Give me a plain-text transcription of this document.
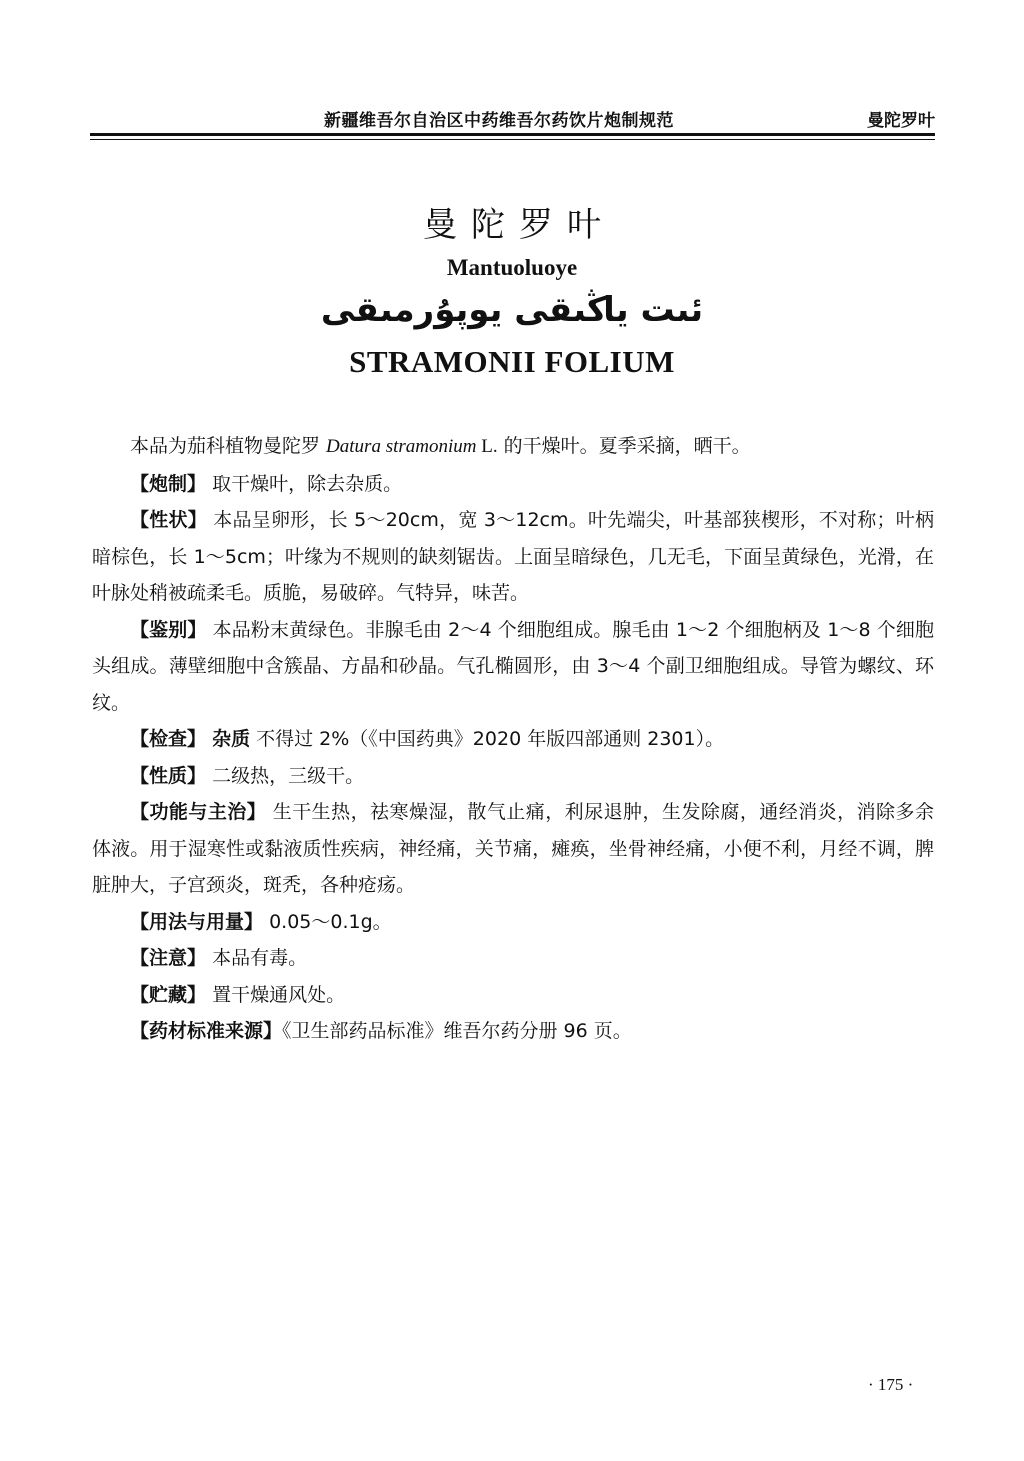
新疆维吾尔自治区中药维吾尔药饮片炮制规范	曼陀罗叶
曼陀罗叶
Mantuoluoye
ئىت ياڭىقى يوپۇرمىقى
STRAMONII FOLIUM

本品为茄科植物曼陀罗 Datura stramonium L. 的干燥叶。夏季采摘，晒干。

【炮制】 取干燥叶，除去杂质。

【性状】 本品呈卵形，长 5～20cm，宽 3～12cm。叶先端尖，叶基部狭楔形，不对称；叶柄暗棕色，长 1～5cm；叶缘为不规则的缺刻锯齿。上面呈暗绿色，几无毛，下面呈黄绿色，光滑，在叶脉处稍被疏柔毛。质脆，易破碎。气特异，味苦。

【鉴别】 本品粉末黄绿色。非腺毛由 2～4 个细胞组成。腺毛由 1～2 个细胞柄及 1～8 个细胞头组成。薄壁细胞中含簇晶、方晶和砂晶。气孔椭圆形，由 3～4 个副卫细胞组成。导管为螺纹、环纹。

【检查】 杂质 不得过 2%（《中国药典》2020 年版四部通则 2301）。

【性质】 二级热，三级干。

【功能与主治】 生干生热，祛寒燥湿，散气止痛，利尿退肿，生发除腐，通经消炎，消除多余体液。用于湿寒性或黏液质性疾病，神经痛，关节痛，瘫痪，坐骨神经痛，小便不利，月经不调，脾脏肿大，子宫颈炎，斑秃，各种疮疡。

【用法与用量】 0.05～0.1g。

【注意】 本品有毒。

【贮藏】 置干燥通风处。

【药材标准来源】《卫生部药品标准》维吾尔药分册 96 页。

· 175 ·
